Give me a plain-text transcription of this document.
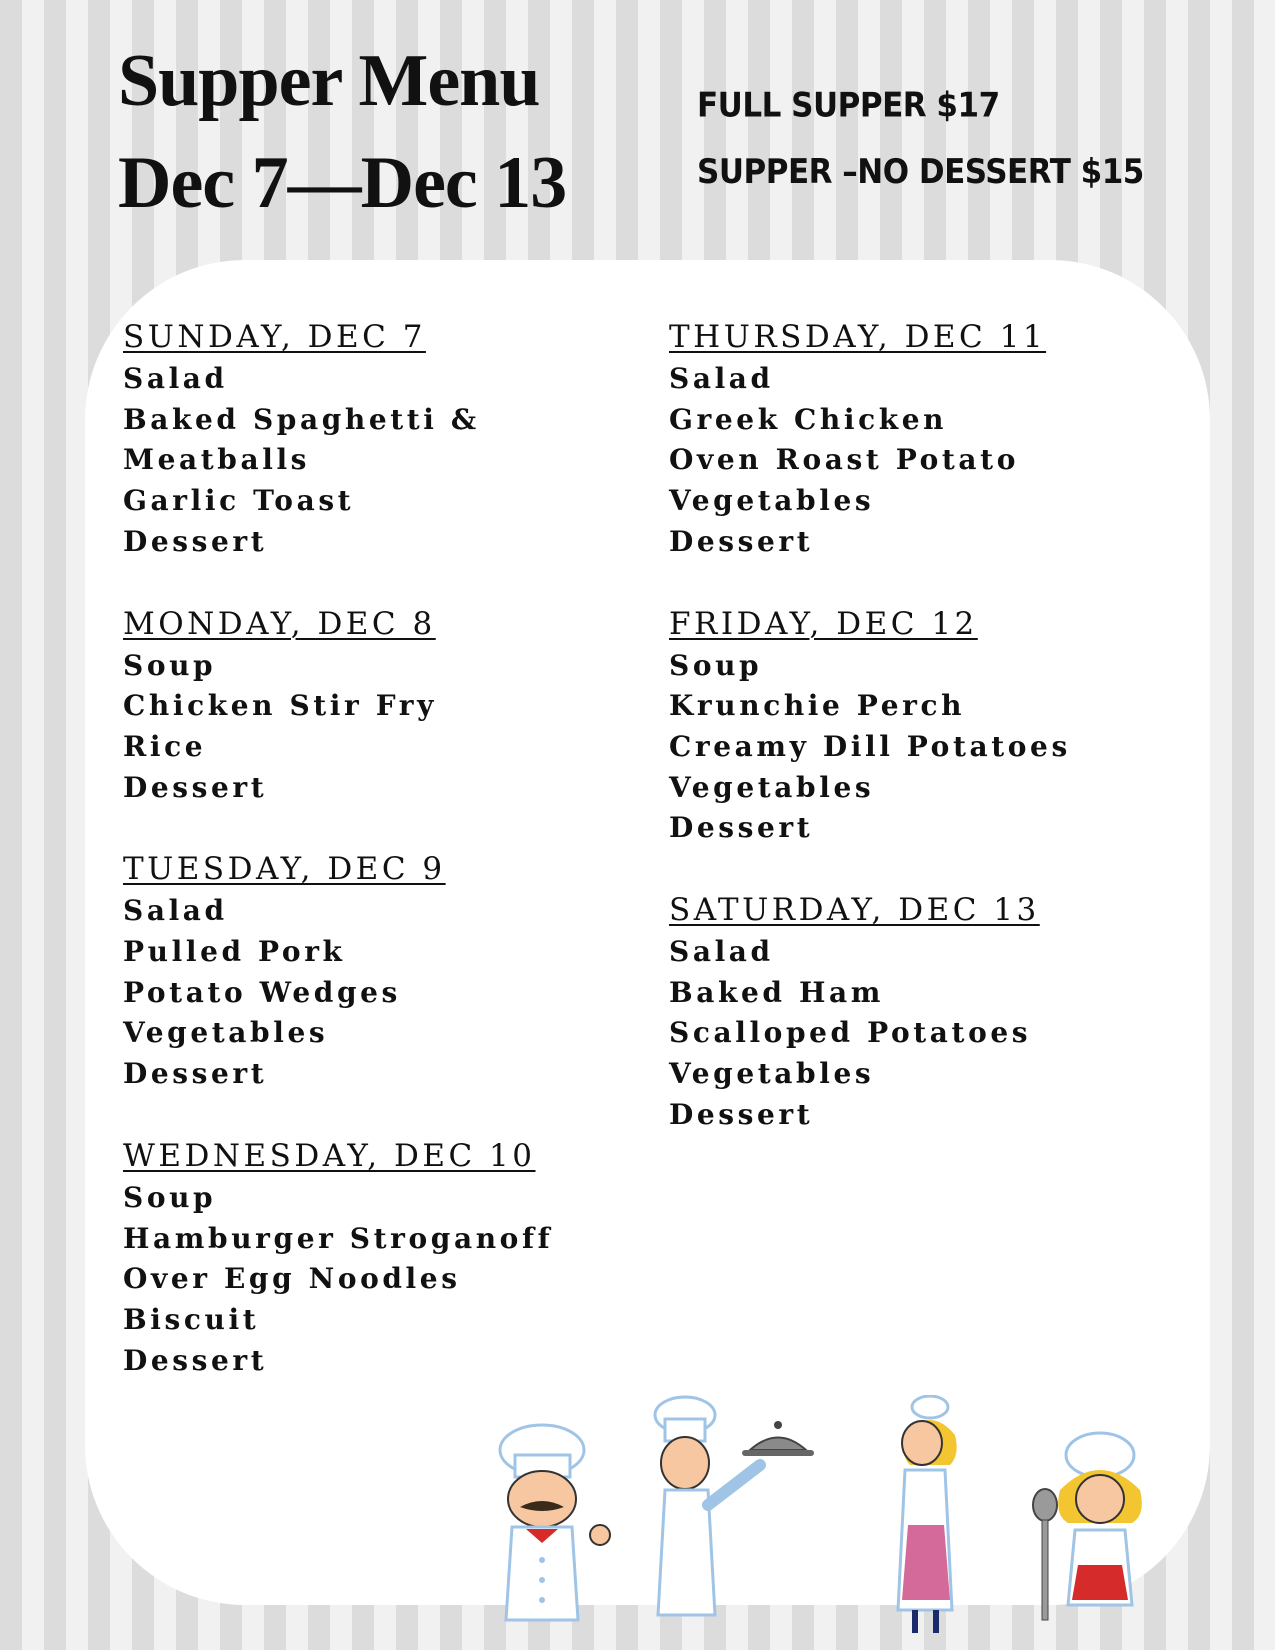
Supper Menu
Dec 7—Dec 13
FULL SUPPER $17
SUPPER –NO DESSERT $15
SUNDAY, DEC 7
Salad
Baked Spaghetti &
Meatballs
Garlic Toast
Dessert
MONDAY, DEC 8
Soup
Chicken Stir Fry
Rice
Dessert
TUESDAY, DEC 9
Salad
Pulled Pork
Potato Wedges
Vegetables
Dessert
WEDNESDAY, DEC 10
Soup
Hamburger Stroganoff
Over Egg Noodles
Biscuit
Dessert
THURSDAY, DEC 11
Salad
Greek Chicken
Oven Roast Potato
Vegetables
Dessert
FRIDAY, DEC 12
Soup
Krunchie Perch
Creamy Dill Potatoes
Vegetables
Dessert
SATURDAY, DEC 13
Salad
Baked Ham
Scalloped Potatoes
Vegetables
Dessert
